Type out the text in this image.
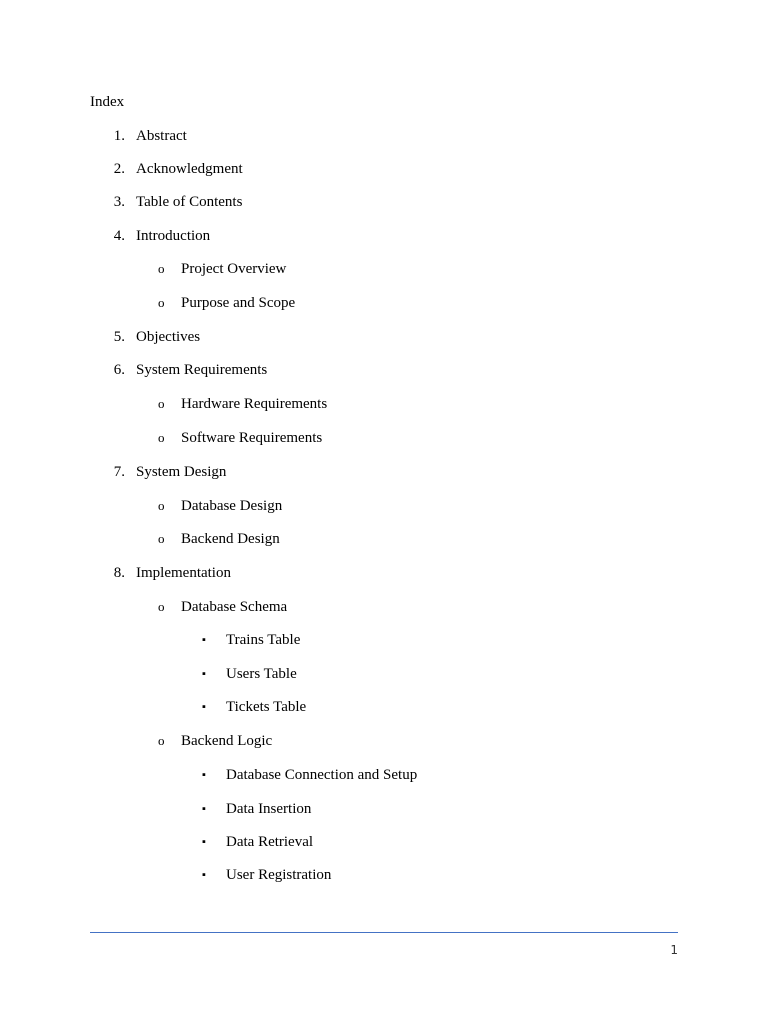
Index
1. Abstract
2. Acknowledgment
3. Table of Contents
4. Introduction
o Project Overview
o Purpose and Scope
5. Objectives
6. System Requirements
o Hardware Requirements
o Software Requirements
7. System Design
o Database Design
o Backend Design
8. Implementation
o Database Schema
▪	Trains Table
▪	Users Table
▪	Tickets Table
o Backend Logic
▪	Database Connection and Setup
▪	Data Insertion
▪	Data Retrieval
▪	User Registration
1
